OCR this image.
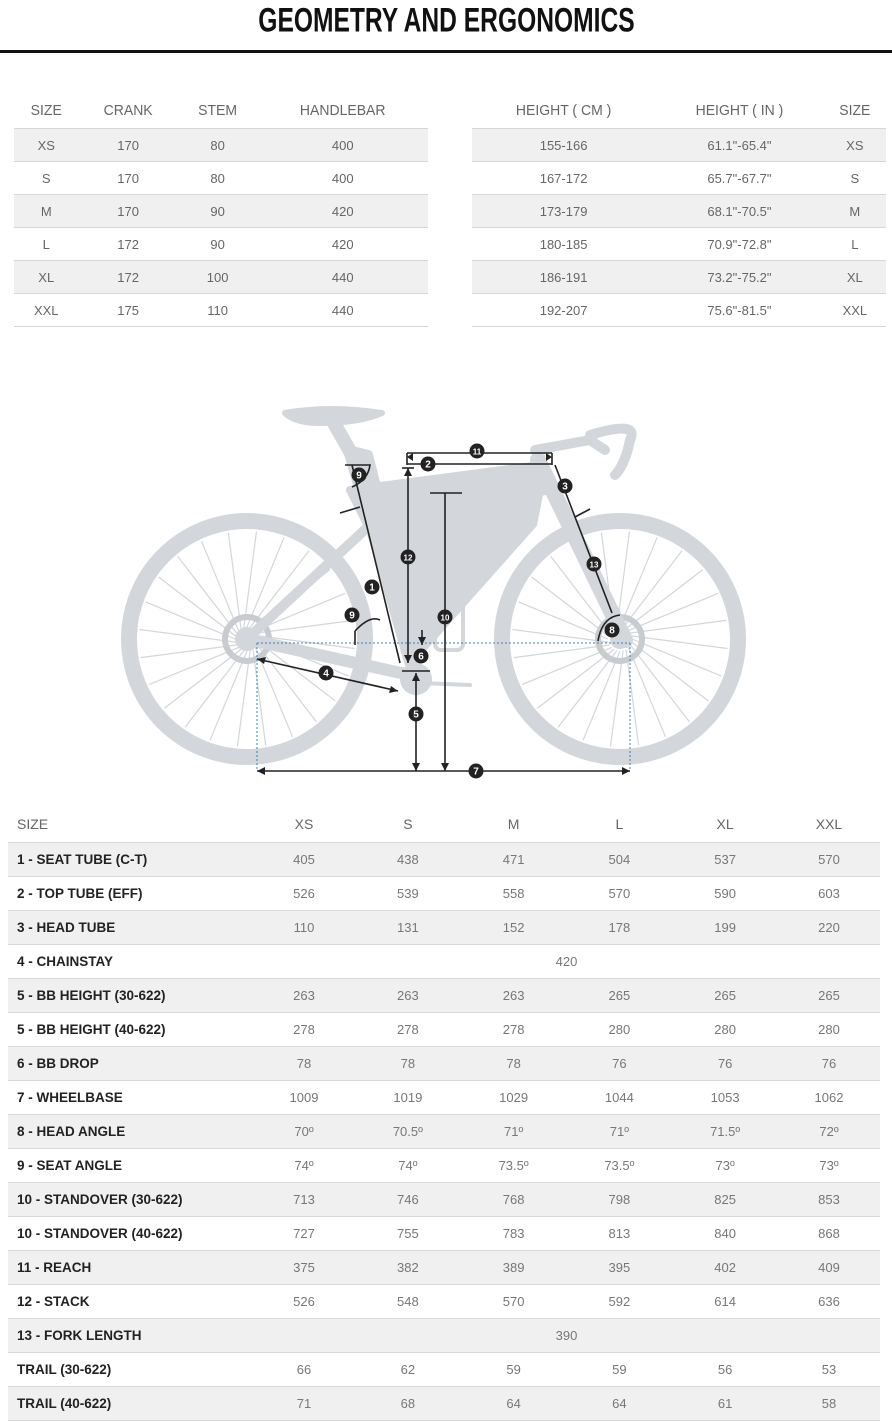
GEOMETRY AND ERGONOMICS
SIZE	CRANK	STEM	HANDLEBAR
XS	170	80	400
S	170	80	400
M	170	90	420
L	172	90	420
XL	172	100	440
XXL	175	110	440
HEIGHT ( CM )	HEIGHT ( IN )	SIZE
155-166	61.1"-65.4"	XS
167-172	65.7"-67.7"	S
173-179	68.1"-70.5"	M
180-185	70.9"-72.8"	L
186-191	73.2"-75.2"	XL
192-207	75.6"-81.5"	XXL
1
2
3
4
5
6
7
8
9
9	10
11
12
13
SIZE	XS	S	M	L	XL	XXL
1 - SEAT TUBE (C-T)	405	438	471	504	537	570
2 - TOP TUBE (EFF)	526	539	558	570	590	603
3 - HEAD TUBE	110	131	152	178	199	220
4 - CHAINSTAY	420					
5 - BB HEIGHT (30-622)	263	263	263	265	265	265
5 - BB HEIGHT (40-622)	278	278	278	280	280	280
6 - BB DROP	78	78	78	76	76	76
7 - WHEELBASE	1009	1019	1029	1044	1053	1062
8 - HEAD ANGLE	70º	70.5º	71º	71º	71.5º	72º
9 - SEAT ANGLE	74º	74º	73.5º	73.5º	73º	73º
10 - STANDOVER (30-622)	713	746	768	798	825	853
10 - STANDOVER (40-622)	727	755	783	813	840	868
11 - REACH	375	382	389	395	402	409
12 - STACK	526	548	570	592	614	636
13 - FORK LENGTH	390					
TRAIL (30-622)	66	62	59	59	56	53
TRAIL (40-622)	71	68	64	64	61	58
